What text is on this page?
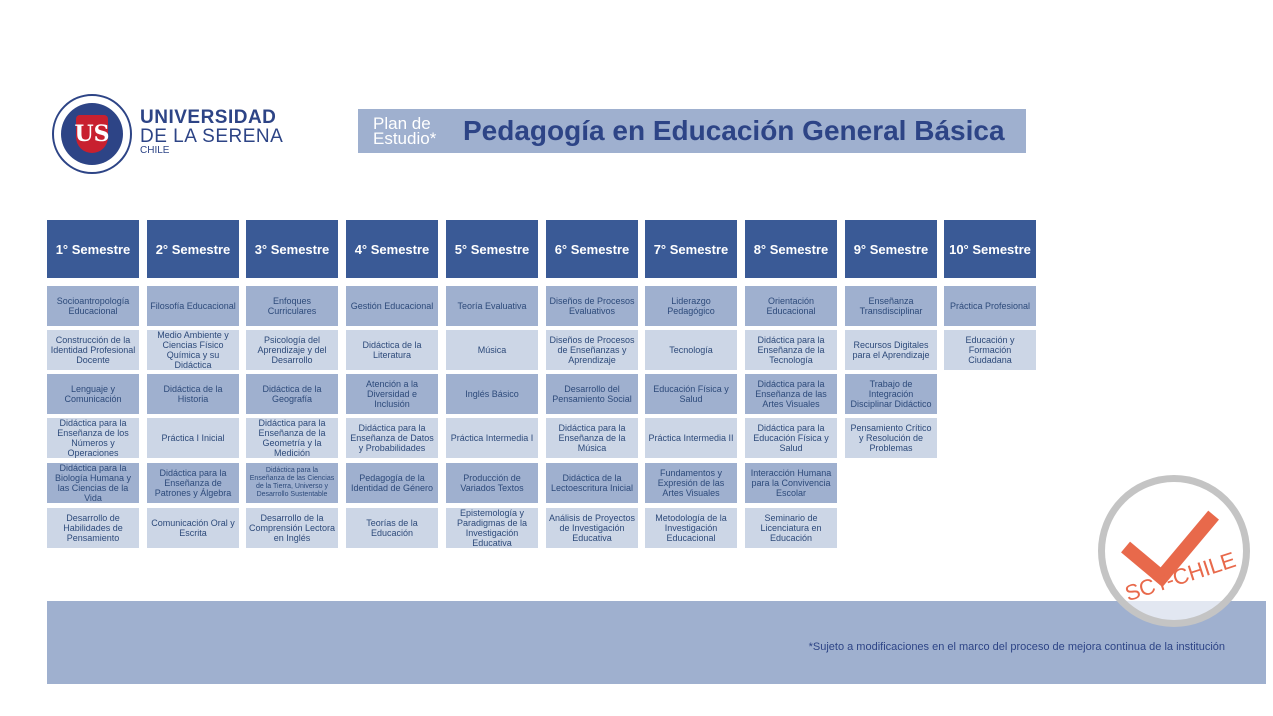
US
UNIVERSIDAD
DE LA SERENA
CHILE
Plan de Estudio* Pedagogía en Educación General Básica
1° Semestre
Socioantropología Educacional
Construcción de la Identidad Profesional Docente
Lenguaje y Comunicación
Didáctica para la Enseñanza de los Números y Operaciones
Didáctica para la Biología Humana y las Ciencias de la Vida
Desarrollo de Habilidades de Pensamiento
2° Semestre
Filosofía Educacional
Medio Ambiente y Ciencias Físico Química y su Didáctica
Didáctica de la Historia
Práctica I Inicial
Didáctica para la Enseñanza de Patrones y Álgebra
Comunicación Oral y Escrita
3° Semestre
Enfoques Curriculares
Psicología del Aprendizaje y del Desarrollo
Didáctica de la Geografía
Didáctica para la Enseñanza de la Geometría y la Medición
Didáctica para la Enseñanza de las Ciencias de la Tierra, Universo y Desarrollo Sustentable
Desarrollo de la Comprensión Lectora en Inglés
4° Semestre
Gestión Educacional
Didáctica de la Literatura
Atención a la Diversidad e Inclusión
Didáctica para la Enseñanza de Datos y Probabilidades
Pedagogía de la Identidad de Género
Teorías de la Educación
5° Semestre
Teoría Evaluativa
Música
Inglés Básico
Práctica Intermedia I
Producción de Variados Textos
Epistemología y Paradigmas de la Investigación Educativa
6° Semestre
Diseños de Procesos Evaluativos
Diseños de Procesos de Enseñanzas y Aprendizaje
Desarrollo del Pensamiento Social
Didáctica para la Enseñanza de la Música
Didáctica de la Lectoescritura Inicial
Análisis de Proyectos de Investigación Educativa
7° Semestre
Liderazgo Pedagógico
Tecnología
Educación Física y Salud
Práctica Intermedia II
Fundamentos y Expresión de las Artes Visuales
Metodología de la Investigación Educacional
8° Semestre
Orientación Educacional
Didáctica para la Enseñanza de la Tecnología
Didáctica para la Enseñanza de las Artes Visuales
Didáctica para la Educación Física y Salud
Interacción Humana para la Convivencia Escolar
Seminario de Licenciatura en Educación
9° Semestre
Enseñanza Transdisciplinar
Recursos Digitales para el Aprendizaje
Trabajo de Integración Disciplinar Didáctico
Pensamiento Crítico y Resolución de Problemas
10° Semestre
Práctica Profesional
Educación y Formación Ciudadana
*Sujeto a modificaciones en el marco del proceso de mejora continua de la institución
SCT-CHILE
